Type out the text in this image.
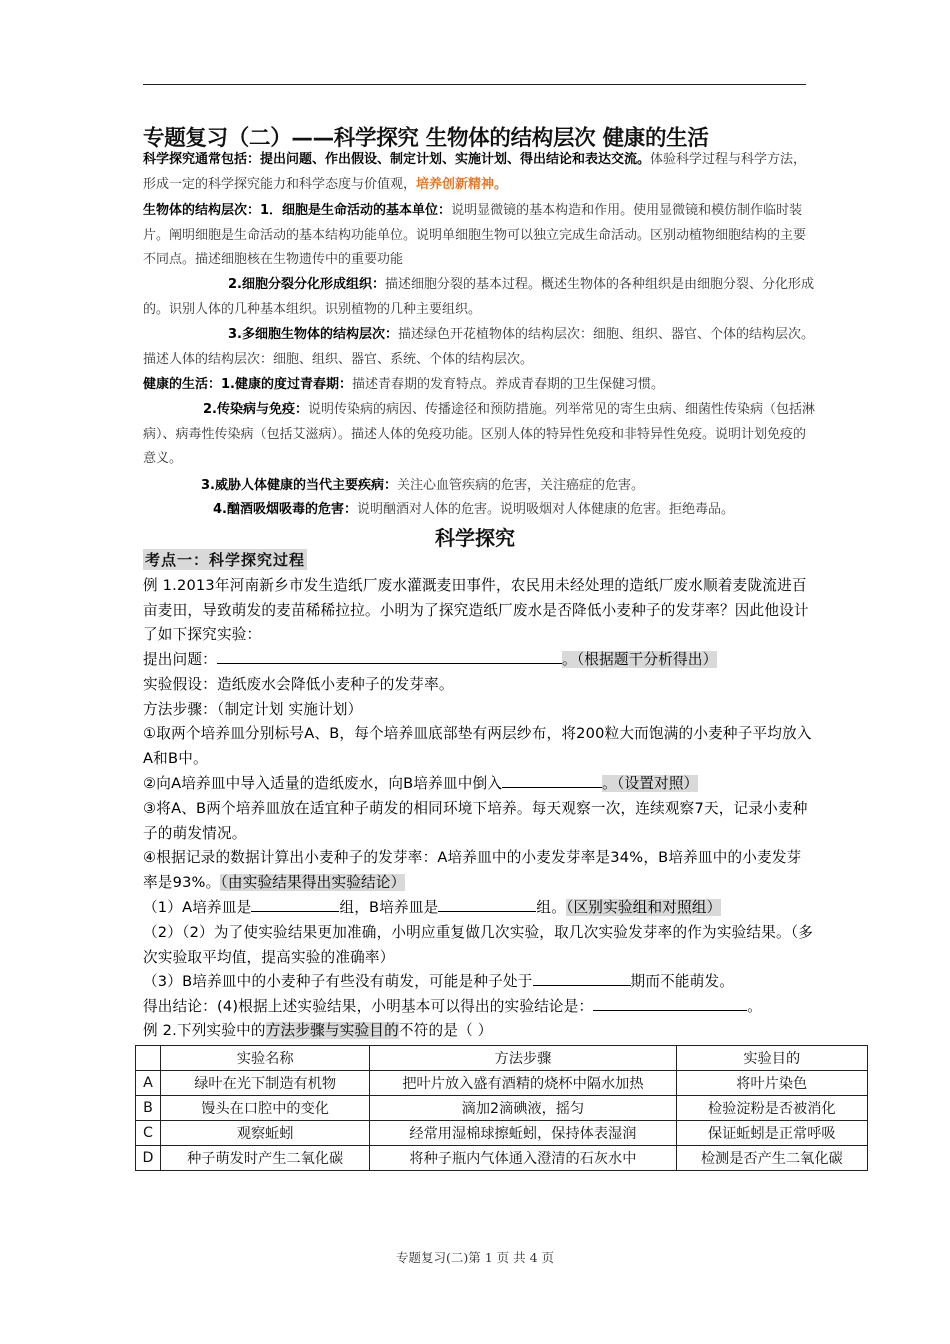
专题复习（二）——科学探究 生物体的结构层次 健康的生活

科学探究通常包括：提出问题、作出假设、制定计划、实施计划、得出结论和表达交流。体验科学过程与科学方法，形成一定的科学探究能力和科学态度与价值观，培养创新精神。

生物体的结构层次：1．细胞是生命活动的基本单位：说明显微镜的基本构造和作用。使用显微镜和模仿制作临时装片。阐明细胞是生命活动的基本结构功能单位。说明单细胞生物可以独立完成生命活动。区别动植物细胞结构的主要不同点。描述细胞核在生物遗传中的重要功能

2.细胞分裂分化形成组织：描述细胞分裂的基本过程。概述生物体的各种组织是由细胞分裂、分化形成的。识别人体的几种基本组织。识别植物的几种主要组织。

3.多细胞生物体的结构层次：描述绿色开花植物体的结构层次：细胞、组织、器官、个体的结构层次。描述人体的结构层次：细胞、组织、器官、系统、个体的结构层次。

健康的生活：1.健康的度过青春期：描述青春期的发育特点。养成青春期的卫生保健习惯。

2.传染病与免疫：说明传染病的病因、传播途径和预防措施。列举常见的寄生虫病、细菌性传染病（包括淋病）、病毒性传染病（包括艾滋病）。描述人体的免疫功能。区别人体的特异性免疫和非特异性免疫。说明计划免疫的意义。

3.威胁人体健康的当代主要疾病：关注心血管疾病的危害，关注癌症的危害。

4.酗酒吸烟吸毒的危害：说明酗酒对人体的危害。说明吸烟对人体健康的危害。拒绝毒品。

科学探究
考点一：科学探究过程

例 1.2013年河南新乡市发生造纸厂废水灌溉麦田事件，农民用未经处理的造纸厂废水顺着麦陇流进百亩麦田，导致萌发的麦苗稀稀拉拉。小明为了探究造纸厂废水是否降低小麦种子的发芽率？因此他设计了如下探究实验：

提出问题：	。（根据题干分析得出）

实验假设：造纸废水会降低小麦种子的发芽率。

方法步骤：（制定计划 实施计划）

①取两个培养皿分别标号A、B，每个培养皿底部垫有两层纱布，将200粒大而饱满的小麦种子平均放入A和B中。

②向A培养皿中导入适量的造纸废水，向B培养皿中倒入	。（设置对照）

③将A、B两个培养皿放在适宜种子萌发的相同环境下培养。每天观察一次，连续观察7天，记录小麦种子的萌发情况。

④根据记录的数据计算出小麦种子的发芽率：A培养皿中的小麦发芽率是34%，B培养皿中的小麦发芽率是93%。（由实验结果得出实验结论）

（1）A培养皿是	组，B培养皿是	组。（区别实验组和对照组）

（2）（2）为了使实验结果更加准确，小明应重复做几次实验，取几次实验发芽率的作为实验结果。（多次实验取平均值，提高实验的准确率）

（3）B培养皿中的小麦种子有些没有萌发，可能是种子处于	期而不能萌发。

得出结论：(4)根据上述实验结果，小明基本可以得出的实验结论是：	。

例 2.下列实验中的方法步骤与实验目的不符的是（ ）

	实验名称	方法步骤	实验目的
A	绿叶在光下制造有机物	把叶片放入盛有酒精的烧杯中隔水加热	将叶片染色
B	馒头在口腔中的变化	滴加2滴碘液，摇匀	检验淀粉是否被消化
C	观察蚯蚓	经常用湿棉球擦蚯蚓，保持体表湿润	保证蚯蚓是正常呼吸
D	种子萌发时产生二氧化碳	将种子瓶内气体通入澄清的石灰水中	检测是否产生二氧化碳
专题复习(二)第 1 页 共 4 页
